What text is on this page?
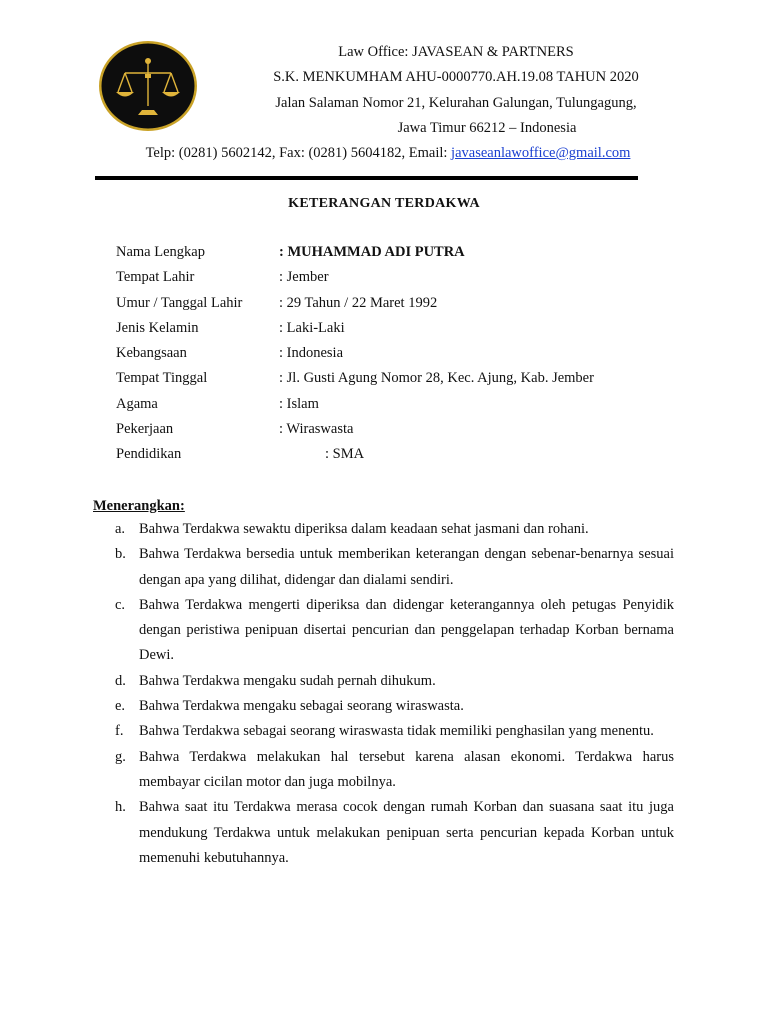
Law Office: JAVASEAN & PARTNERS
S.K. MENKUMHAM AHU-0000770.AH.19.08 TAHUN 2020
Jalan Salaman Nomor 21, Kelurahan Galungan, Tulungagung,
Jawa Timur 66212 – Indonesia
Telp: (0281) 5602142, Fax: (0281) 5604182, Email: javaseanlawoffice@gmail.com
KETERANGAN TERDAKWA
Nama Lengkap	: MUHAMMAD ADI PUTRA
Tempat Lahir	: Jember
Umur / Tanggal Lahir	: 29 Tahun / 22 Maret 1992
Jenis Kelamin	: Laki-Laki
Kebangsaan	: Indonesia
Tempat Tinggal	: Jl. Gusti Agung Nomor 28, Kec. Ajung, Kab. Jember
Agama	: Islam
Pekerjaan	: Wiraswasta
Pendidikan	: SMA
Menerangkan:
a. Bahwa Terdakwa sewaktu diperiksa dalam keadaan sehat jasmani dan rohani.
b. Bahwa Terdakwa bersedia untuk memberikan keterangan dengan sebenar-benarnya sesuai dengan apa yang dilihat, didengar dan dialami sendiri.
c. Bahwa Terdakwa mengerti diperiksa dan didengar keterangannya oleh petugas Penyidik dengan peristiwa penipuan disertai pencurian dan penggelapan terhadap Korban bernama Dewi.
d. Bahwa Terdakwa mengaku sudah pernah dihukum.
e. Bahwa Terdakwa mengaku sebagai seorang wiraswasta.
f. Bahwa Terdakwa sebagai seorang wiraswasta tidak memiliki penghasilan yang menentu.
g. Bahwa Terdakwa melakukan hal tersebut karena alasan ekonomi. Terdakwa harus membayar cicilan motor dan juga mobilnya.
h. Bahwa saat itu Terdakwa merasa cocok dengan rumah Korban dan suasana saat itu juga mendukung Terdakwa untuk melakukan penipuan serta pencurian kepada Korban untuk memenuhi kebutuhannya.
